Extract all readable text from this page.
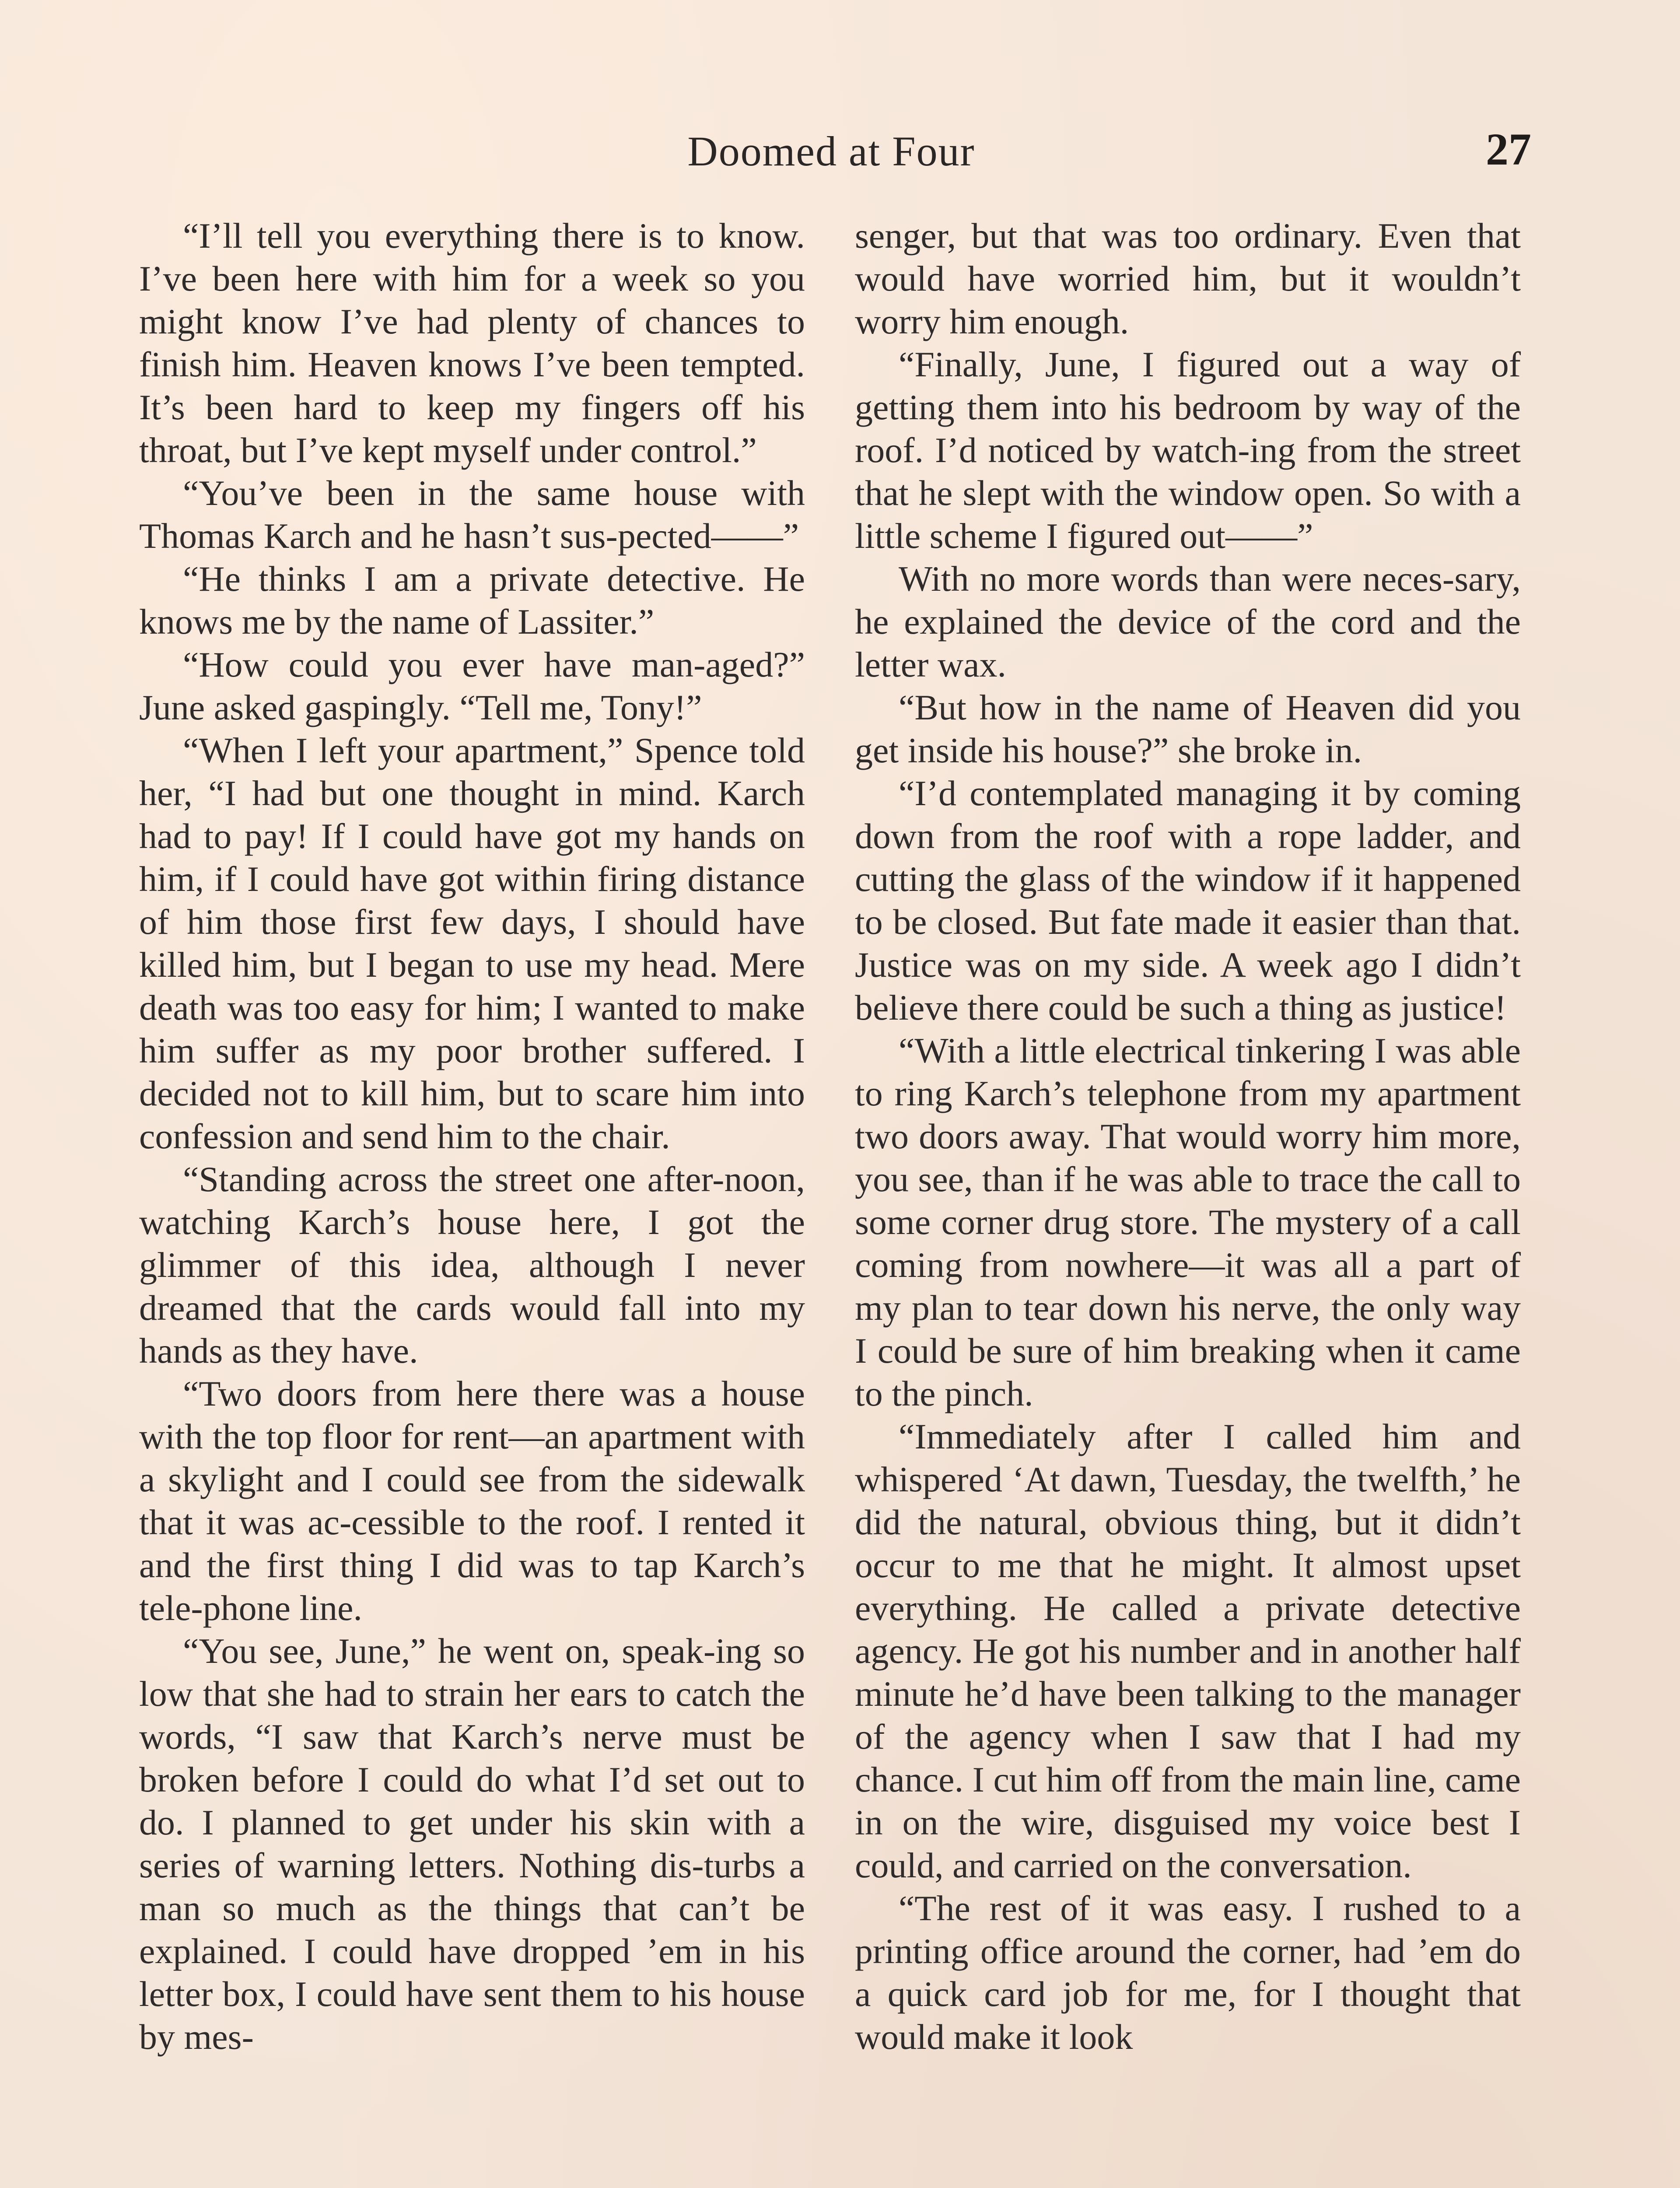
Doomed at Four	27

“I’ll tell you everything there is to know. I’ve been here with him for a week so you might know I’ve had plenty of chances to finish him. Heaven knows I’ve been tempted. It’s been hard to keep my fingers off his throat, but I’ve kept myself under control.”

“You’ve been in the same house with Thomas Karch and he hasn’t sus-pected——”

“He thinks I am a private detective. He knows me by the name of Lassiter.”

“How could you ever have man-aged?” June asked gaspingly. “Tell me, Tony!”

“When I left your apartment,” Spence told her, “I had but one thought in mind. Karch had to pay! If I could have got my hands on him, if I could have got within firing distance of him those first few days, I should have killed him, but I began to use my head. Mere death was too easy for him; I wanted to make him suffer as my poor brother suffered. I decided not to kill him, but to scare him into confession and send him to the chair.

“Standing across the street one after-noon, watching Karch’s house here, I got the glimmer of this idea, although I never dreamed that the cards would fall into my hands as they have.

“Two doors from here there was a house with the top floor for rent—an apartment with a skylight and I could see from the sidewalk that it was ac-cessible to the roof. I rented it and the first thing I did was to tap Karch’s tele-phone line.

“You see, June,” he went on, speak-ing so low that she had to strain her ears to catch the words, “I saw that Karch’s nerve must be broken before I could do what I’d set out to do. I planned to get under his skin with a series of warning letters. Nothing dis-turbs a man so much as the things that can’t be explained. I could have dropped ’em in his letter box, I could have sent them to his house by mes-

senger, but that was too ordinary. Even that would have worried him, but it wouldn’t worry him enough.

“Finally, June, I figured out a way of getting them into his bedroom by way of the roof. I’d noticed by watch-ing from the street that he slept with the window open. So with a little scheme I figured out——”

With no more words than were neces-sary, he explained the device of the cord and the letter wax.

“But how in the name of Heaven did you get inside his house?” she broke in.

“I’d contemplated managing it by coming down from the roof with a rope ladder, and cutting the glass of the window if it happened to be closed. But fate made it easier than that. Justice was on my side. A week ago I didn’t believe there could be such a thing as justice!

“With a little electrical tinkering I was able to ring Karch’s telephone from my apartment two doors away. That would worry him more, you see, than if he was able to trace the call to some corner drug store. The mystery of a call coming from nowhere—it was all a part of my plan to tear down his nerve, the only way I could be sure of him breaking when it came to the pinch.

“Immediately after I called him and whispered ‘At dawn, Tuesday, the twelfth,’ he did the natural, obvious thing, but it didn’t occur to me that he might. It almost upset everything. He called a private detective agency. He got his number and in another half minute he’d have been talking to the manager of the agency when I saw that I had my chance. I cut him off from the main line, came in on the wire, disguised my voice best I could, and carried on the conversation.

“The rest of it was easy. I rushed to a printing office around the corner, had ’em do a quick card job for me, for I thought that would make it look
